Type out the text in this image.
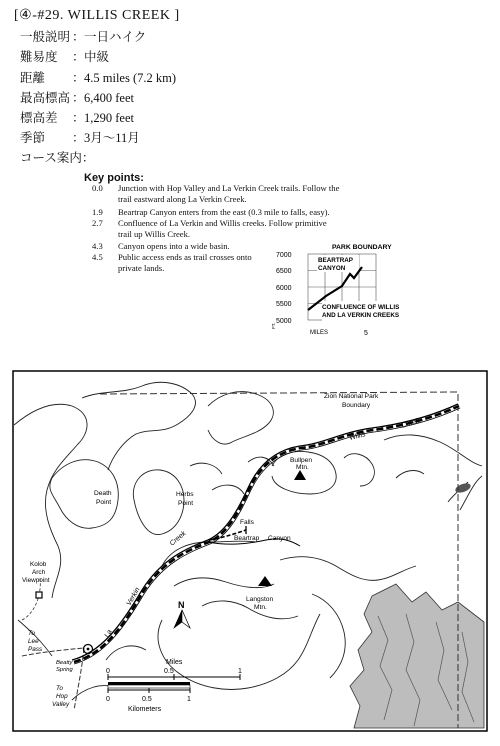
[④-#29. WILLIS CREEK ]
一般説明 ：一日ハイク
難易度 ：中級
距離 ：4.5 miles (7.2 km)
最高標高 ：6,400 feet
標高差 ：1,290 feet
季節 ：3月～11月
コース案内：
Key points:
0.0	Junction with Hop Valley and La Verkin Creek trails. Follow the trail eastward along La Verkin Creek.
1.9	Beartrap Canyon enters from the east (0.3 mile to falls, easy).
2.7	Confluence of La Verkin and Willis creeks. Follow primitive trail up Willis Creek.
4.3	Canyon opens into a wide basin.
4.5	Public access ends as trail crosses onto private lands.
PARK BOUNDARY
7000
6500
6000
5500
5000
FT.
BEARTRAP
CANYON
CONFLUENCE OF WILLIS
AND LA VERKIN CREEKS
MILES	5
N
Zion National Park
Boundary
Willis
Creek
Bullpen
Mtn.
Death
Point
Herbs
Point
Falls
Beartrap Canyon
Creek
Verkin
La
Langston
Mtn.
Kolob
Arch
Viewpoint
To
Lee
Pass
Beatty
Spring
To
Hop
Valley
Miles
0	0.5	1
0	0.5	1
Kilometers
